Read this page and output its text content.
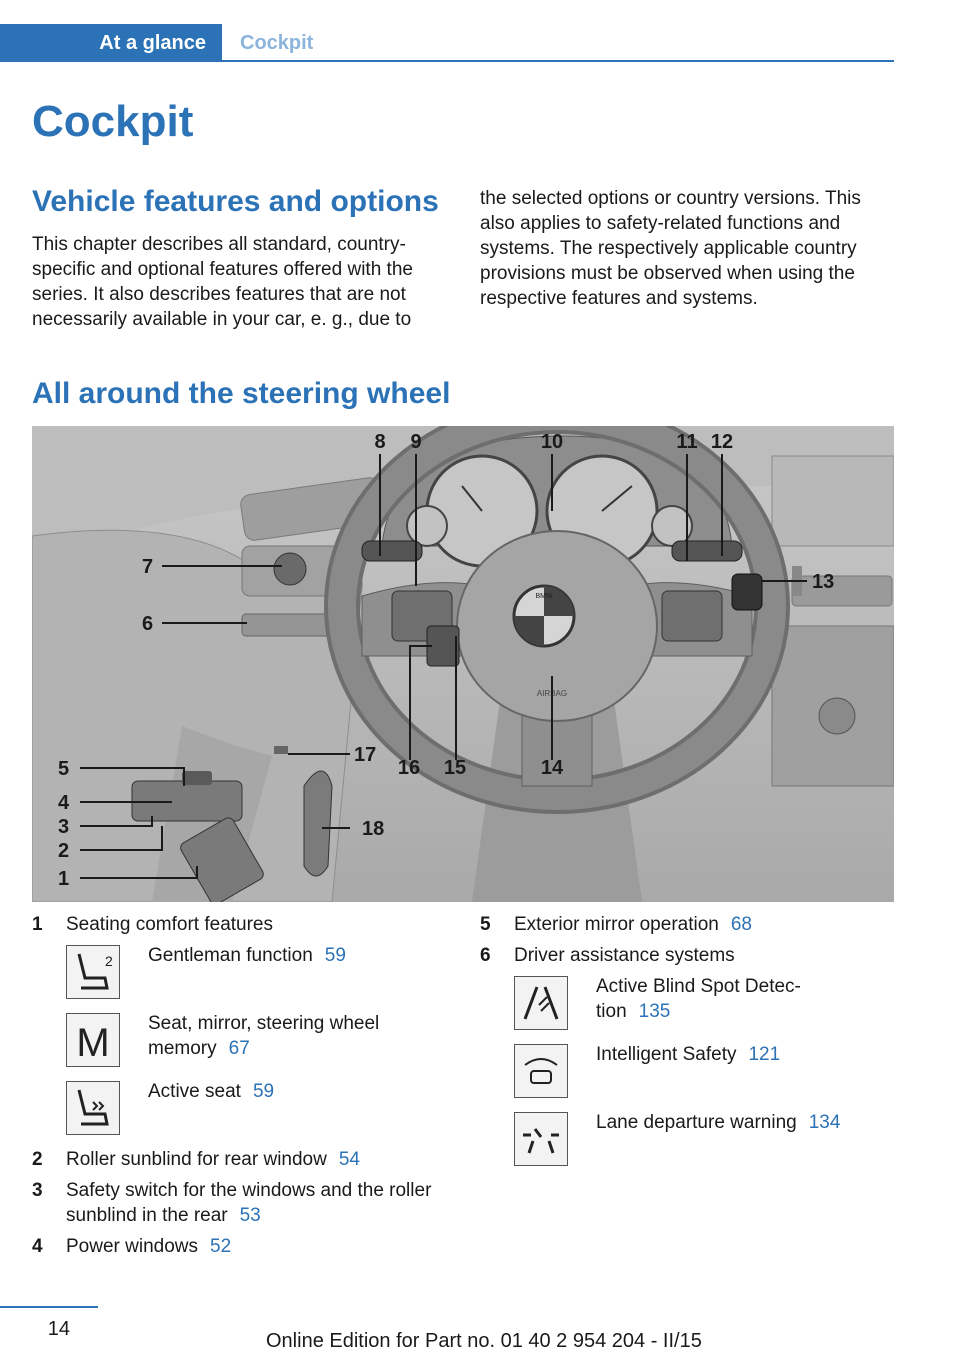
At a glance	Cockpit
Cockpit
Vehicle features and options
This chapter describes all standard, country-specific and optional features offered with the series. It also describes features that are not necessarily available in your car, e. g., due to
the selected options or country versions. This also applies to safety-related functions and systems. The respectively applicable country provisions must be observed when using the respective features and systems.
All around the steering wheel
BMW
AIRBAG
8 9	10	11 12
13
7
6
16 15	14
17
18
5
4
3
2
1
1	Seating comfort features
2 Gentleman function 59
M Seat, mirror, steering wheel memory 67
Active seat 59
2	Roller sunblind for rear window 54
3	Safety switch for the windows and the roller sunblind in the rear 53
4	Power windows 52
5	Exterior mirror operation 68
6	Driver assistance systems
Active Blind Spot Detec-tion 135
Intelligent Safety 121
Lane departure warning 134
14
Online Edition for Part no. 01 40 2 954 204 - II/15
